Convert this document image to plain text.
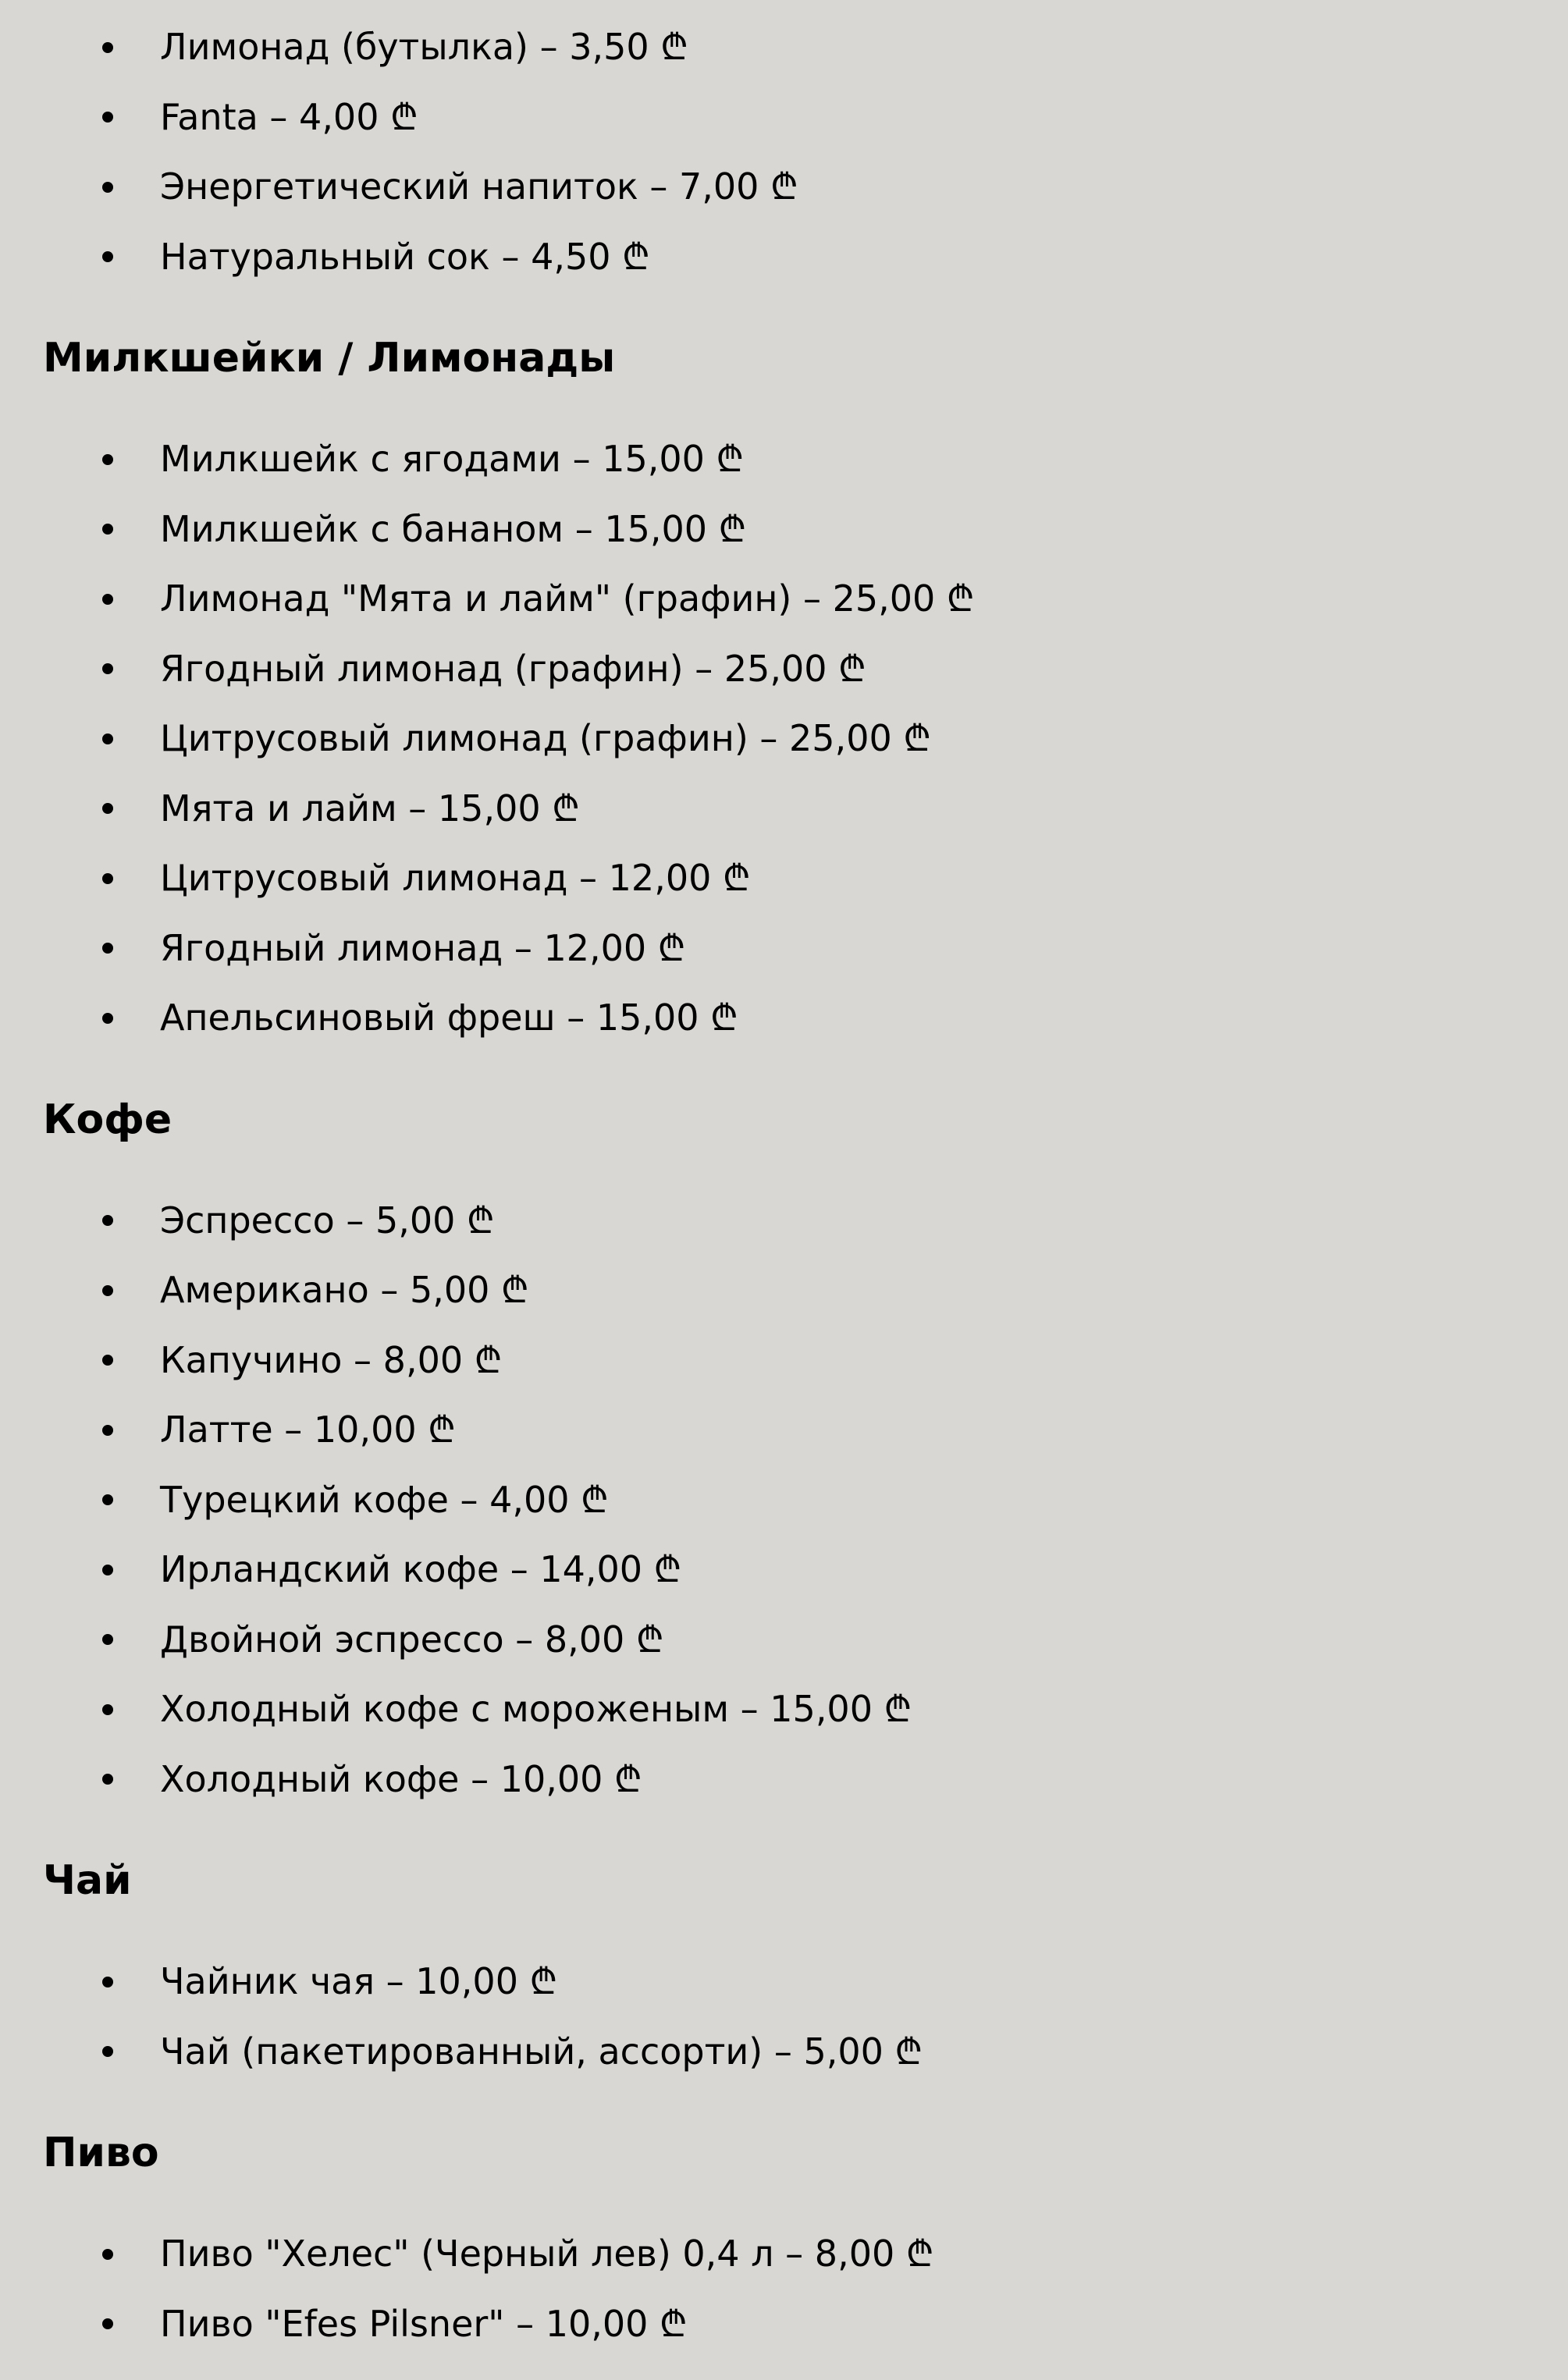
Лимонад (бутылка) – 3,50 ₾
Fanta – 4,00 ₾
Энергетический напиток – 7,00 ₾
Натуральный сок – 4,50 ₾
Милкшейки / Лимонады
Милкшейк с ягодами – 15,00 ₾
Милкшейк с бананом – 15,00 ₾
Лимонад "Мята и лайм" (графин) – 25,00 ₾
Ягодный лимонад (графин) – 25,00 ₾
Цитрусовый лимонад (графин) – 25,00 ₾
Мята и лайм – 15,00 ₾
Цитрусовый лимонад – 12,00 ₾
Ягодный лимонад – 12,00 ₾
Апельсиновый фреш – 15,00 ₾
Кофе
Эспрессо – 5,00 ₾
Американо – 5,00 ₾
Капучино – 8,00 ₾
Латте – 10,00 ₾
Турецкий кофе – 4,00 ₾
Ирландский кофе – 14,00 ₾
Двойной эспрессо – 8,00 ₾
Холодный кофе с мороженым – 15,00 ₾
Холодный кофе – 10,00 ₾
Чай
Чайник чая – 10,00 ₾
Чай (пакетированный, ассорти) – 5,00 ₾
Пиво
Пиво "Хелес" (Черный лев) 0,4 л – 8,00 ₾
Пиво "Efes Pilsner" – 10,00 ₾
